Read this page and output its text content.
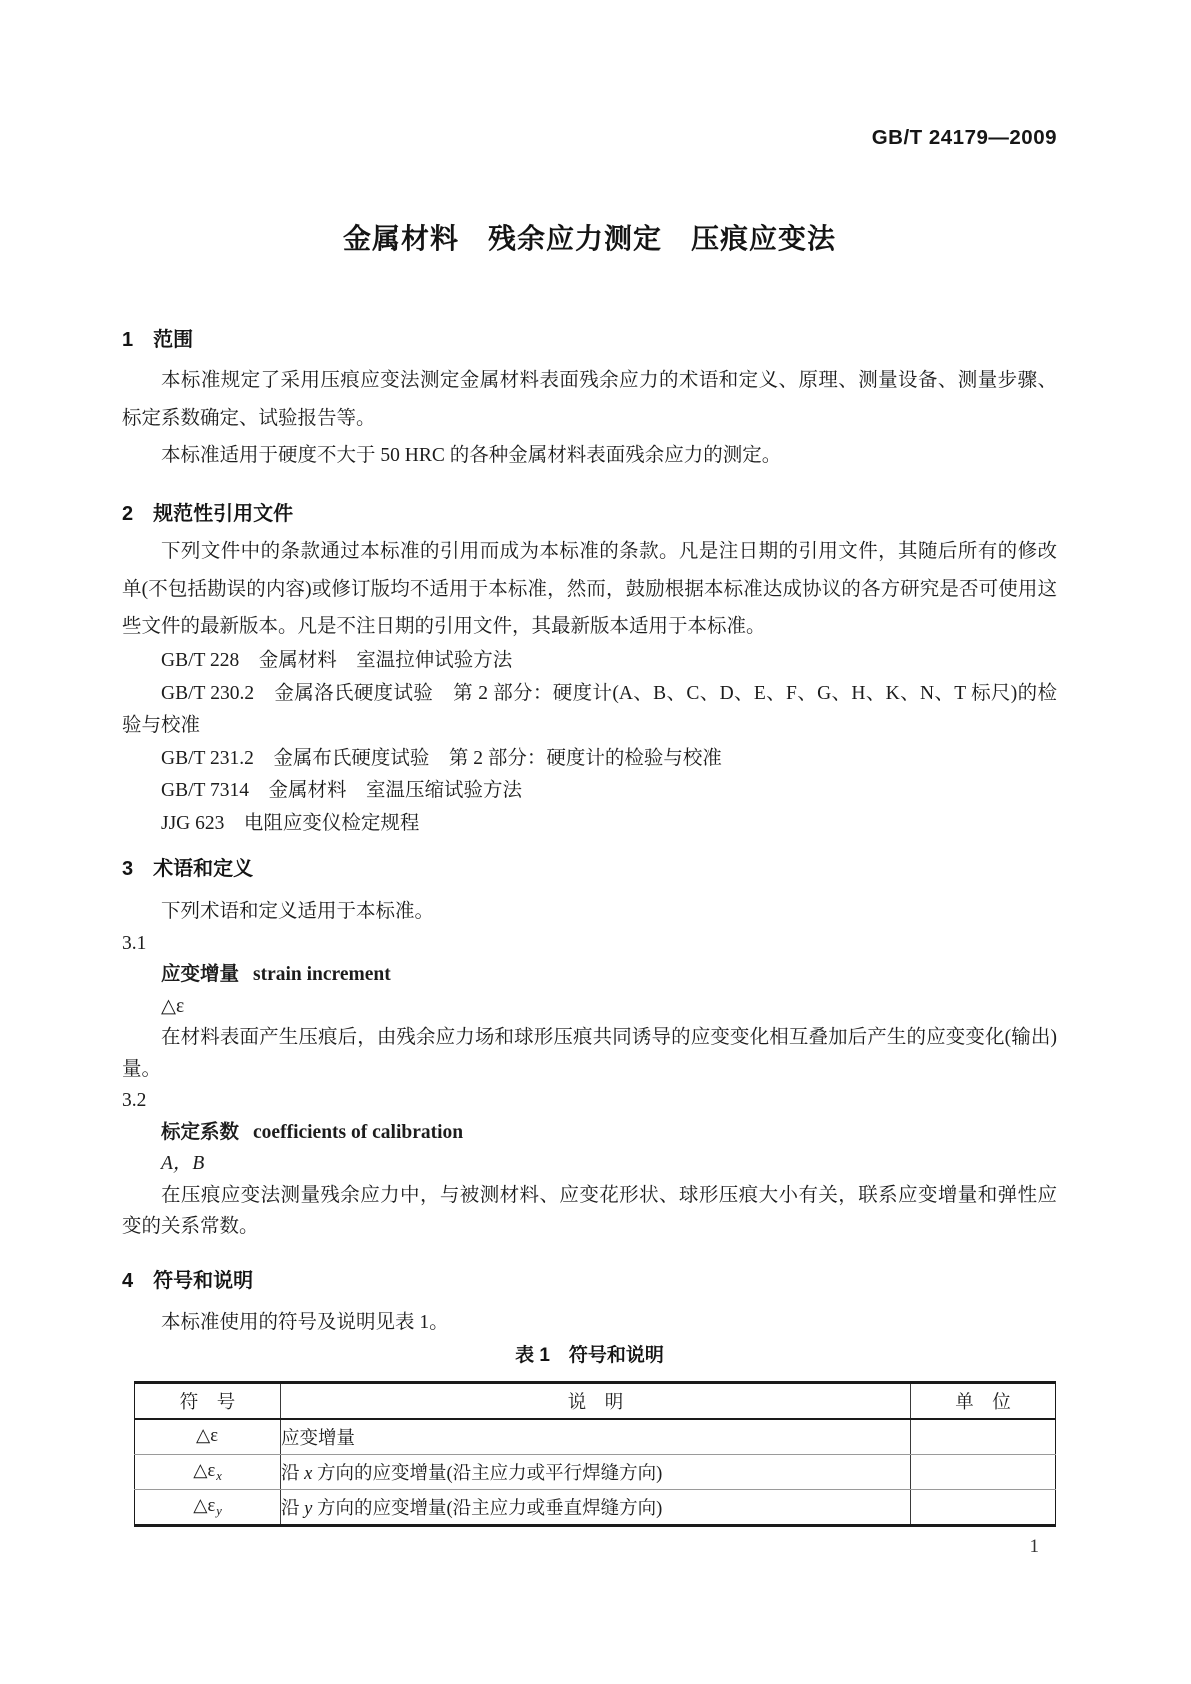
GB/T 24179—2009
金属材料　残余应力测定　压痕应变法
1　范围

本标准规定了采用压痕应变法测定金属材料表面残余应力的术语和定义、原理、测量设备、测量步骤、标定系数确定、试验报告等。

本标准适用于硬度不大于 50 HRC 的各种金属材料表面残余应力的测定。

2　规范性引用文件

下列文件中的条款通过本标准的引用而成为本标准的条款。凡是注日期的引用文件，其随后所有的修改单(不包括勘误的内容)或修订版均不适用于本标准，然而，鼓励根据本标准达成协议的各方研究是否可使用这些文件的最新版本。凡是不注日期的引用文件，其最新版本适用于本标准。

GB/T 228　金属材料　室温拉伸试验方法

GB/T 230.2　金属洛氏硬度试验　第 2 部分：硬度计(A、B、C、D、E、F、G、H、K、N、T 标尺)的检验与校准

GB/T 231.2　金属布氏硬度试验　第 2 部分：硬度计的检验与校准

GB/T 7314　金属材料　室温压缩试验方法

JJG 623　电阻应变仪检定规程

3　术语和定义

下列术语和定义适用于本标准。

3.1

应变增量 strain increment

△ε

在材料表面产生压痕后，由残余应力场和球形压痕共同诱导的应变变化相互叠加后产生的应变变化(输出)量。

3.2

标定系数 coefficients of calibration

A，B

在压痕应变法测量残余应力中，与被测材料、应变花形状、球形压痕大小有关，联系应变增量和弹性应变的关系常数。

4　符号和说明

本标准使用的符号及说明见表 1。

表 1　符号和说明
符　号	说　明	单　位
△ε	应变增量	
$\triangle\varepsilon_x$	沿 x 方向的应变增量(沿主应力或平行焊缝方向)	
$\triangle\varepsilon_y$	沿 y 方向的应变增量(沿主应力或垂直焊缝方向)	
1
